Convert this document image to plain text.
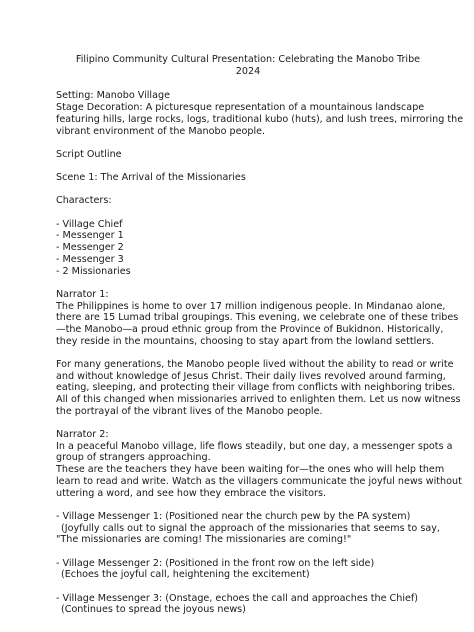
Filipino Community Cultural Presentation: Celebrating the Manobo Tribe
2024

Setting: Manobo Village
Stage Decoration: A picturesque representation of a mountainous landscape
featuring hills, large rocks, logs, traditional kubo (huts), and lush trees, mirroring the
vibrant environment of the Manobo people.

Script Outline

Scene 1: The Arrival of the Missionaries

Characters:

- Village Chief
- Messenger 1
- Messenger 2
- Messenger 3
- 2 Missionaries

Narrator 1:
The Philippines is home to over 17 million indigenous people. In Mindanao alone,
there are 15 Lumad tribal groupings. This evening, we celebrate one of these tribes
—the Manobo—a proud ethnic group from the Province of Bukidnon. Historically,
they reside in the mountains, choosing to stay apart from the lowland settlers.

For many generations, the Manobo people lived without the ability to read or write
and without knowledge of Jesus Christ. Their daily lives revolved around farming,
eating, sleeping, and protecting their village from conflicts with neighboring tribes.
All of this changed when missionaries arrived to enlighten them. Let us now witness
the portrayal of the vibrant lives of the Manobo people.

Narrator 2:
In a peaceful Manobo village, life flows steadily, but one day, a messenger spots a
group of strangers approaching.
These are the teachers they have been waiting for—the ones who will help them
learn to read and write. Watch as the villagers communicate the joyful news without
uttering a word, and see how they embrace the visitors.

- Village Messenger 1: (Positioned near the church pew by the PA system)
(Joyfully calls out to signal the approach of the missionaries that seems to say,
"The missionaries are coming! The missionaries are coming!"

- Village Messenger 2: (Positioned in the front row on the left side)
(Echoes the joyful call, heightening the excitement)

- Village Messenger 3: (Onstage, echoes the call and approaches the Chief)
(Continues to spread the joyous news)
